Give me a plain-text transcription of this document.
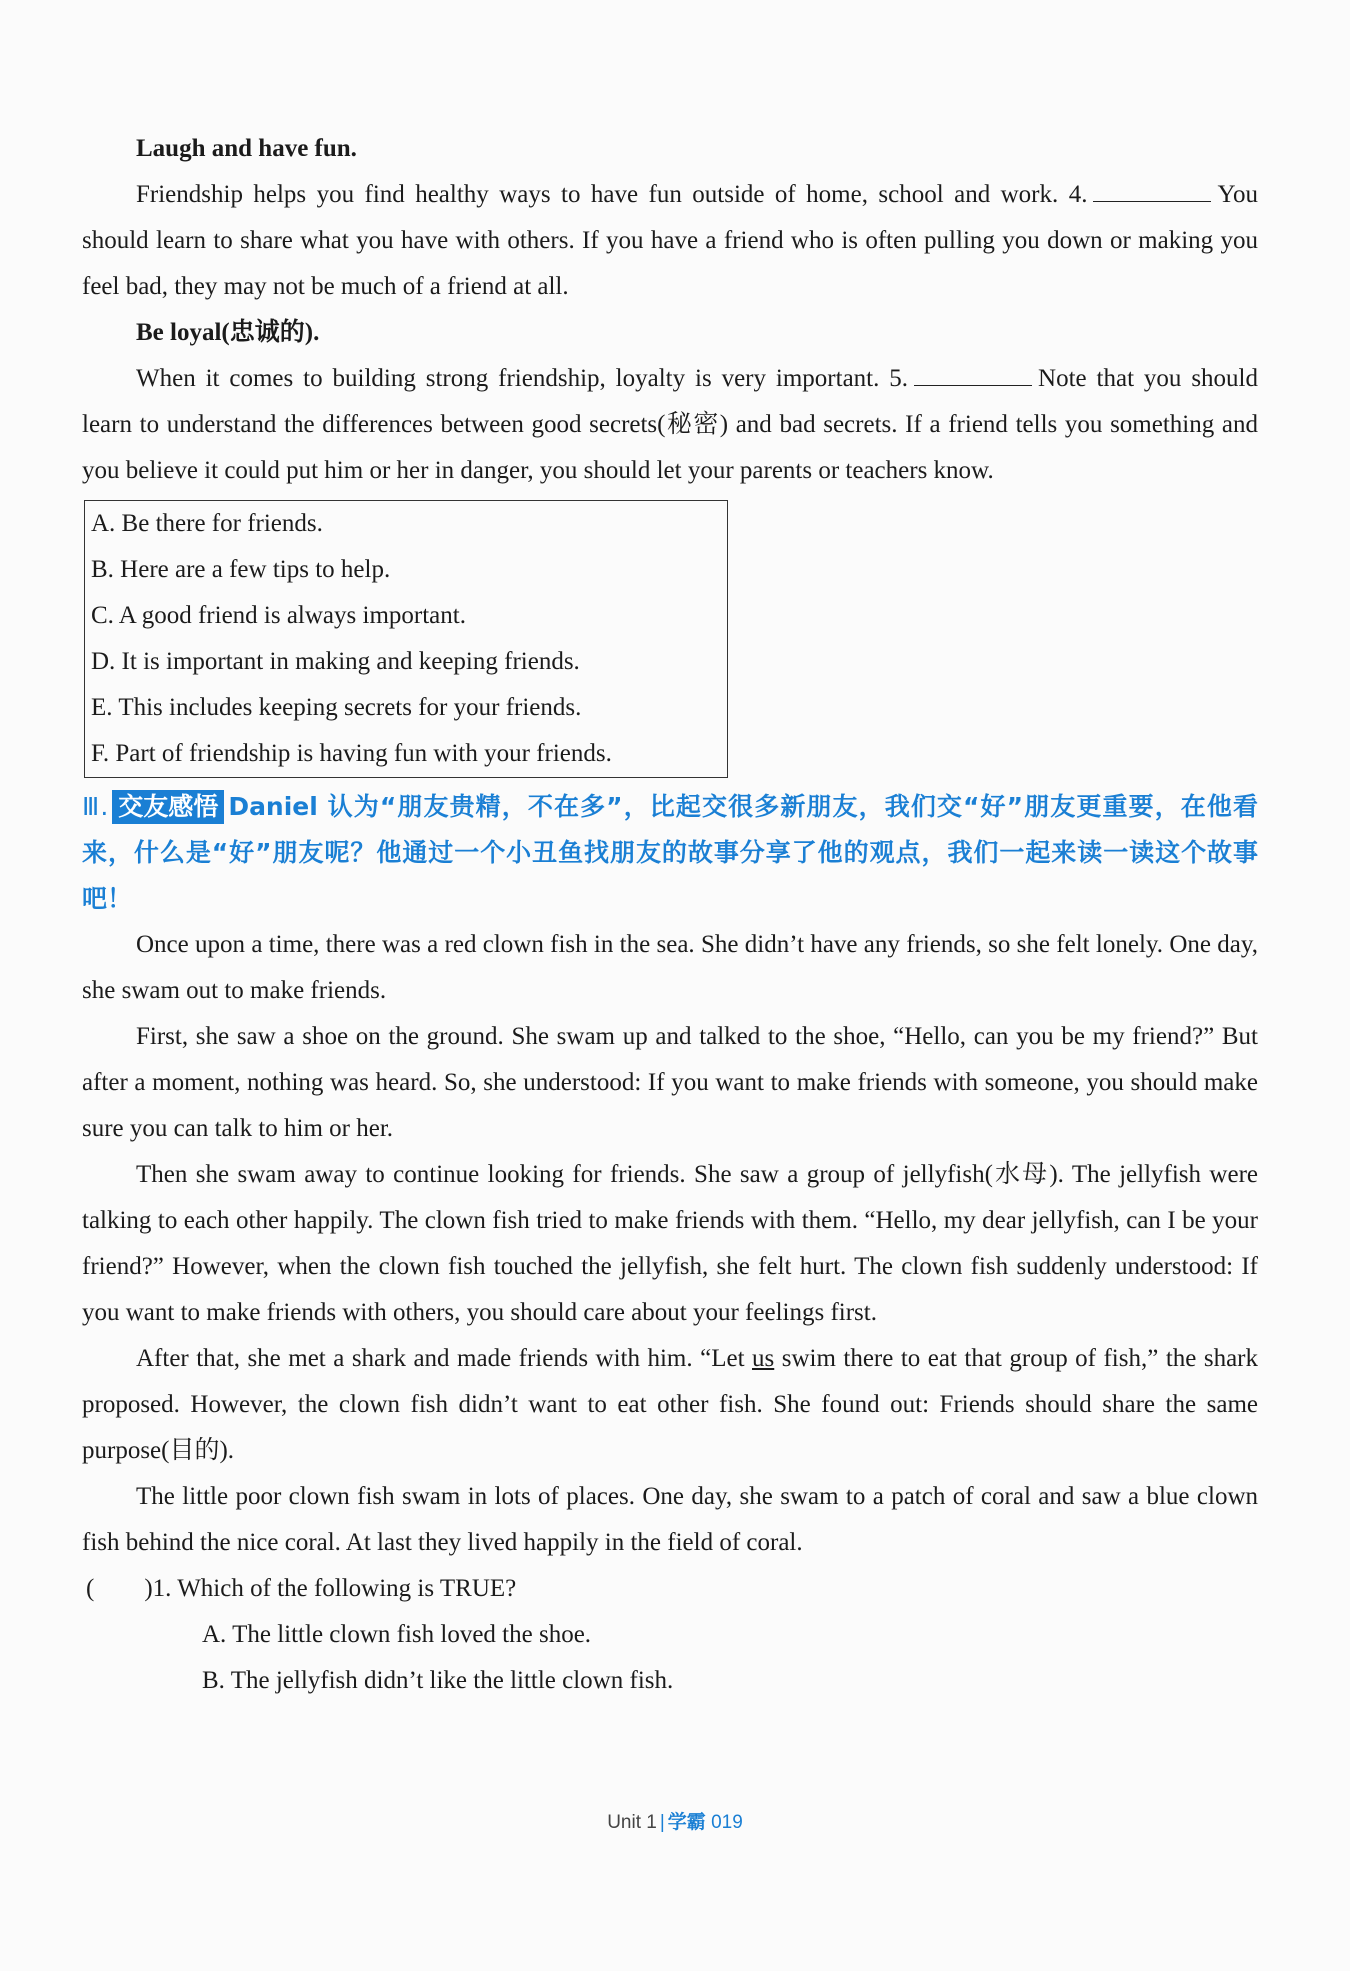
Laugh and have fun.

Friendship helps you find healthy ways to have fun outside of home, school and work. 4.	You should learn to share what you have with others. If you have a friend who is often pulling you down or making you feel bad, they may not be much of a friend at all.

Be loyal(忠诚的).

When it comes to building strong friendship, loyalty is very important. 5.	Note that you should learn to understand the differences between good secrets(秘密) and bad secrets. If a friend tells you something and you believe it could put him or her in danger, you should let your parents or teachers know.

A. Be there for friends.
B. Here are a few tips to help.
C. A good friend is always important.
D. It is important in making and keeping friends.
E. This includes keeping secrets for your friends.
F. Part of friendship is having fun with your friends.

Ⅲ. 交友感悟 Daniel 认为“朋友贵精，不在多”，比起交很多新朋友，我们交“好”朋友更重要，在他看来，什么是“好”朋友呢？他通过一个小丑鱼找朋友的故事分享了他的观点，我们一起来读一读这个故事吧！

Once upon a time, there was a red clown fish in the sea. She didn’t have any friends, so she felt lonely. One day, she swam out to make friends.

First, she saw a shoe on the ground. She swam up and talked to the shoe, “Hello, can you be my friend?” But after a moment, nothing was heard. So, she understood: If you want to make friends with someone, you should make sure you can talk to him or her.

Then she swam away to continue looking for friends. She saw a group of jellyfish(水母). The jellyfish were talking to each other happily. The clown fish tried to make friends with them. “Hello, my dear jellyfish, can I be your friend?” However, when the clown fish touched the jellyfish, she felt hurt. The clown fish suddenly understood: If you want to make friends with others, you should care about your feelings first.

After that, she met a shark and made friends with him. “Let us swim there to eat that group of fish,” the shark proposed. However, the clown fish didn’t want to eat other fish. She found out: Friends should share the same purpose(目的).

The little poor clown fish swam in lots of places. One day, she swam to a patch of coral and saw a blue clown fish behind the nice coral. At last they lived happily in the field of coral.

(　　)1. Which of the following is TRUE?

A. The little clown fish loved the shoe.

B. The jellyfish didn’t like the little clown fish.

Unit 1 | 学霸 019
